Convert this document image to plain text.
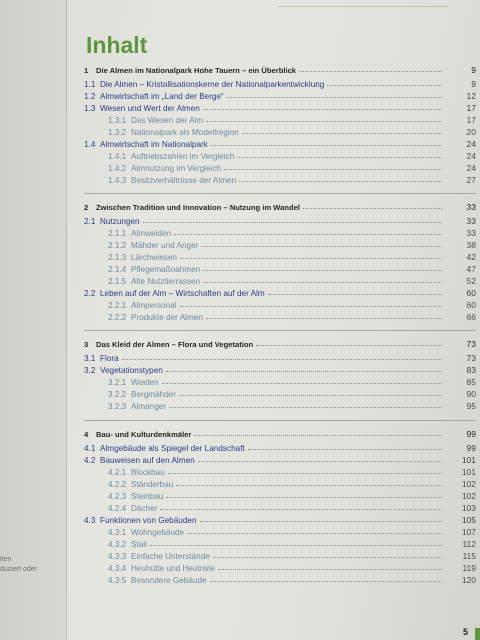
iten
duziert oder
Inhalt
1	Die Almen im Nationalpark Hohe Tauern – ein Überblick	9
1.1 Die Almen – Kristallisationskerne der Nationalparkentwicklung	9
1.2 Almwirtschaft im „Land der Berge“	12
1.3 Wesen und Wert der Almen	17
1.3.1 Das Wesen der Alm	17
1.3.2 Nationalpark als Modellregion	20
1.4 Almwirtschaft im Nationalpark	24
1.4.1 Auftriebszahlen im Vergleich	24
1.4.2 Almnutzung im Vergleich	24
1.4.3 Besitzverhältnisse der Almen	27
2	Zwischen Tradition und Innovation – Nutzung im Wandel	33
2.1 Nutzungen	33
2.1.1 Almweiden	33
2.1.2 Mähder und Anger	38
2.1.3 Lärchwiesen	42
2.1.4 Pflegemaßnahmen	47
2.1.5 Alte Nutztierrassen	52
2.2 Leben auf der Alm – Wirtschaften auf der Alm	60
2.2.1 Almpersonal	60
2.2.2 Produkte der Almen	66
3	Das Kleid der Almen – Flora und Vegetation	73
3.1 Flora	73
3.2 Vegetationstypen	83
3.2.1 Weiden	85
3.2.2 Bergmähder	90
3.2.3 Almanger	95
4	Bau- und Kulturdenkmäler	99
4.1 Almgebäude als Spiegel der Landschaft	99
4.2 Bauweisen auf den Almen	101
4.2.1 Blockbau	101
4.2.2 Ständerbau	102
4.2.3 Steinbau	102
4.2.4 Dächer	103
4.3 Funktionen von Gebäuden	105
4.3.1 Wohngebäude	107
4.3.2 Stall	112
4.3.3 Einfache Unterstände	115
4.3.4 Heuhütte und Heutriste	119
4.3.5 Besondere Gebäude	120
5
